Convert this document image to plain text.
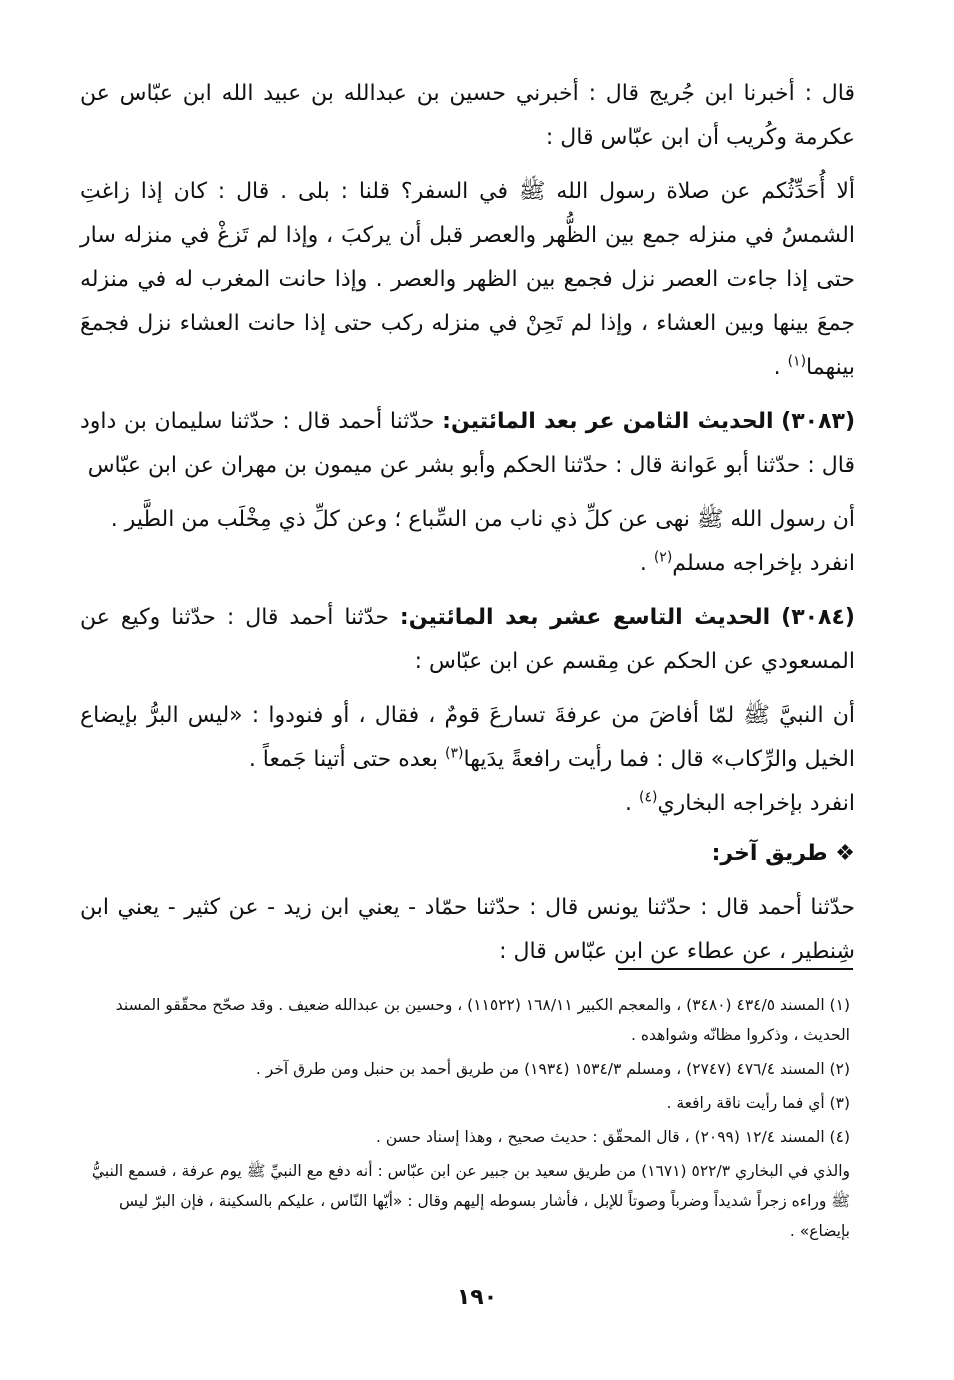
قال : أخبرنا ابن جُريج قال : أخبرني حسين بن عبدالله بن عبيد الله ابن عبّاس عن عكرمة وكُريب أن ابن عبّاس قال :

ألا أُحَدِّثُكم عن صلاة رسول الله ﷺ في السفر؟ قلنا : بلى . قال : كان إذا زاغتِ الشمسُ في منزله جمع بين الظُّهر والعصر قبل أن يركبَ ، وإذا لم تَزغْ في منزله سار حتى إذا جاءت العصر نزل فجمع بين الظهر والعصر . وإذا حانت المغرب له في منزله جمعَ بينها وبين العشاء ، وإذا لم تَحِنْ في منزله ركب حتى إذا حانت العشاء نزل فجمعَ بينهما$^{(١)}$ .

(٣٠٨٣) الحديث الثامن عر بعد المائتين: حدّثنا أحمد قال : حدّثنا سليمان بن داود قال : حدّثنا أبو عَوانة قال : حدّثنا الحكم وأبو بشر عن ميمون بن مهران عن ابن عبّاس

أن رسول الله ﷺ نهى عن كلِّ ذي ناب من السِّباع ؛ وعن كلِّ ذي مِخْلَب من الطَّير .

انفرد بإخراجه مسلم$^{(٢)}$ .

(٣٠٨٤) الحديث التاسع عشر بعد المائتين: حدّثنا أحمد قال : حدّثنا وكيع عن المسعودي عن الحكم عن مِقسم عن ابن عبّاس :

أن النبيَّ ﷺ لمّا أفاضَ من عرفةَ تسارعَ قومٌ ، فقال ، أو فنودوا : «ليس البرُّ بإيضاع الخيل والرِّكاب» قال : فما رأيت رافعةً يدَيها$^{(٣)}$ بعده حتى أتينا جَمعاً .

انفرد بإخراجه البخاري$^{(٤)}$ .

❖ طريق آخر:

حدّثنا أحمد قال : حدّثنا يونس قال : حدّثنا حمّاد - يعني ابن زيد - عن كثير - يعني ابن شِنطير ، عن عطاء عن ابن عبّاس قال :

(١) المسند ٤٣٤/٥ (٣٤٨٠) ، والمعجم الكبير ١٦٨/١١ (١١٥٢٢) ، وحسين بن عبدالله ضعيف . وقد صحّح محقّقو المسند الحديث ، وذكروا مظانّه وشواهده .

(٢) المسند ٤٧٦/٤ (٢٧٤٧) ، ومسلم ١٥٣٤/٣ (١٩٣٤) من طريق أحمد بن حنبل ومن طرق آخر .

(٣) أي فما رأيت ناقة رافعة .

(٤) المسند ١٢/٤ (٢٠٩٩) ، قال المحقّق : حديث صحيح ، وهذا إسناد حسن .

والذي في البخاري ٥٢٢/٣ (١٦٧١) من طريق سعيد بن جبير عن ابن عبّاس : أنه دفع مع النبيِّ ﷺ يوم عرفة ، فسمع النبيُّ ﷺ وراءه زجراً شديداً وضرباً وصوتاً للإبل ، فأشار بسوطه إليهم وقال : «أيّها النّاس ، عليكم بالسكينة ، فإن البرّ ليس بإيضاع» .

١٩٠
